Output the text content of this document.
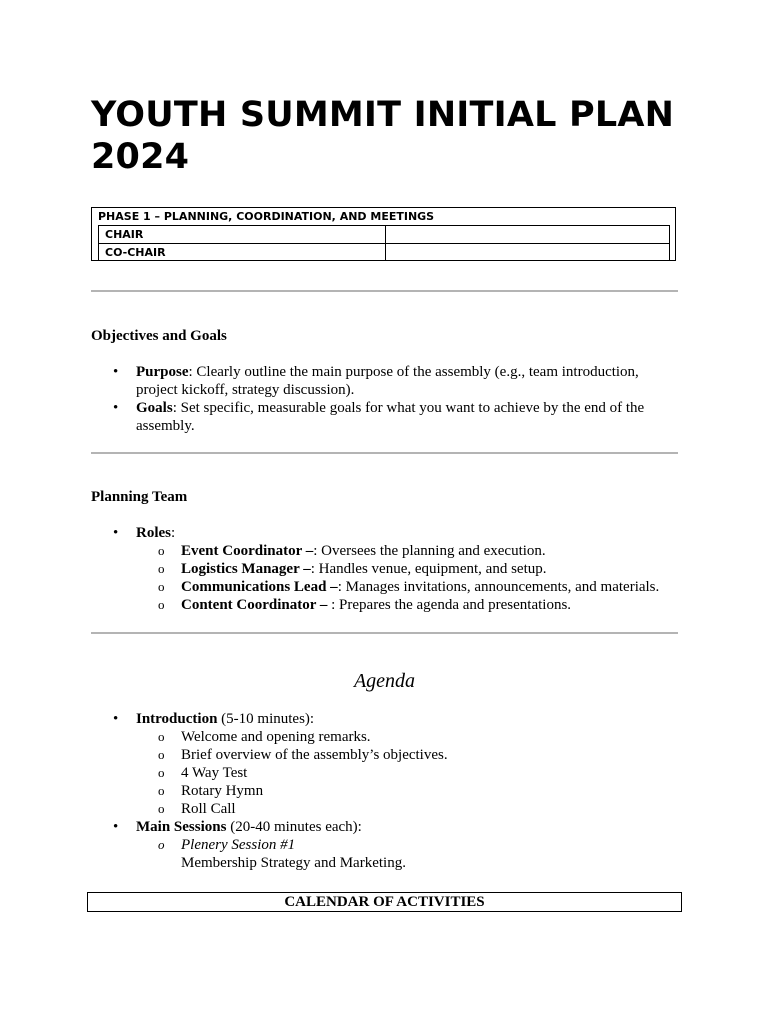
YOUTH SUMMIT INITIAL PLAN 2024
PHASE 1 – PLANNING, COORDINATION, AND MEETINGS
CHAIR
CO-CHAIR
Objectives and Goals
• Purpose: Clearly outline the main purpose of the assembly (e.g., team introduction, project kickoff, strategy discussion).
• Goals: Set specific, measurable goals for what you want to achieve by the end of the assembly.
Planning Team
• Roles:
o Event Coordinator –: Oversees the planning and execution.
o Logistics Manager –: Handles venue, equipment, and setup.
o Communications Lead –: Manages invitations, announcements, and materials.
o Content Coordinator – : Prepares the agenda and presentations.
Agenda
• Introduction (5-10 minutes):
o Welcome and opening remarks.
o Brief overview of the assembly’s objectives.
o 4 Way Test
o Rotary Hymn
o Roll Call
• Main Sessions (20-40 minutes each):
o Plenery Session #1
Membership Strategy and Marketing.
CALENDAR OF ACTIVITIES
